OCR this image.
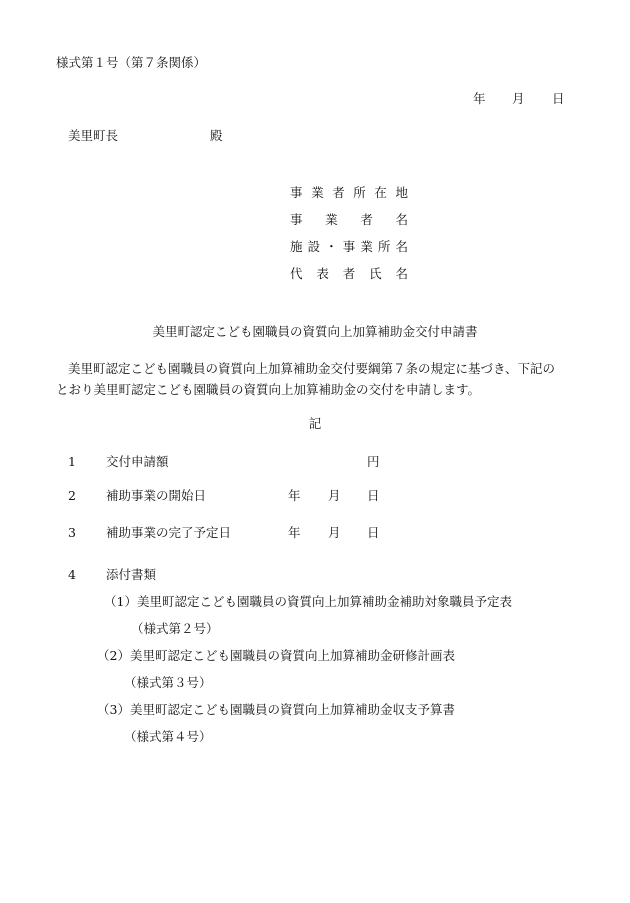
様式第１号（第７条関係）
年 月 日
美里町長	殿
事 業 者 所 在 地
事 業 者 名
施 設 ・ 事 業 所 名
代 表 者 氏 名
美里町認定こども園職員の資質向上加算補助金交付申請書
美里町認定こども園職員の資質向上加算補助金交付要綱第７条の規定に基づき、下記の
とおり美里町認定こども園職員の資質向上加算補助金の交付を申請します。
記
1 交付申請額	円
2 補助事業の開始日	年 月 日
3 補助事業の完了予定日	年 月 日
4 添付書類
（1）美里町認定こども園職員の資質向上加算補助金補助対象職員予定表
（様式第２号）
（2）美里町認定こども園職員の資質向上加算補助金研修計画表
（様式第３号）
（3）美里町認定こども園職員の資質向上加算補助金収支予算書
（様式第４号）
